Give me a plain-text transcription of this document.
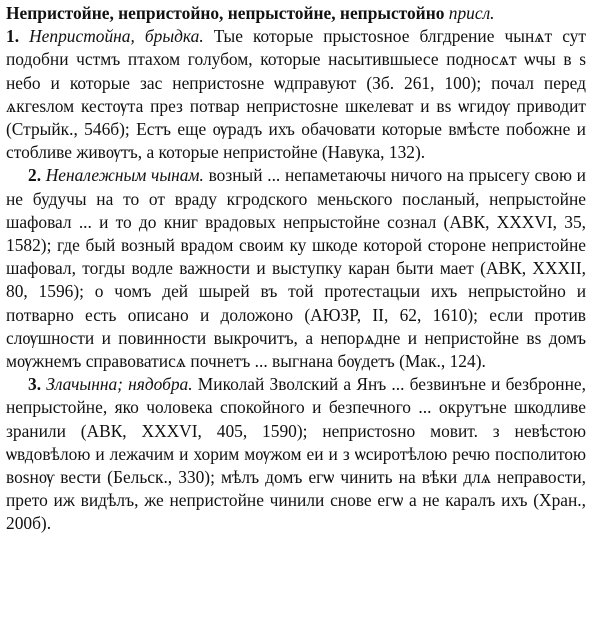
Непристойне, непристойно, непрыстойне, непрыстойно присл.
1. Непристойна, брыдка. Тые которые прыстоsное блгдрение чынѧт сут подобни чстмъ птахом голубом, которые насытившыесе подносѧт ѡчы в s небо и которые зас непристоsне ѡдправуют (Зб. 261, 100); почал перед ѧкгеsлом кестѹта през потвар непристоsне шкелеват и вs ѡгидѹ приводит (Стрыйк., 546б); Естъ еще ѹрадъ ихъ обачовати которые вмѣсте побожне и стобливе живѹтъ, а которые непристойне (Навука, 132).

2. Неналежным чынам. возный ... непаметаючы ничого на прысегу свою и не будучы на то от враду кгродского меньского посланый, непрыстойне шафовал ... и то до книг врадовых непрыстойне сознал (АВК, XXXVI, 35, 1582); где бый возный врадом своим ку шкоде которой стороне непристойне шафовал, тогды водле важности и выступку каран быти мает (АВК, XXXII, 80, 1596); о чомъ дей шырей въ той протестацыи ихъ непрыстойно и потварно есть описано и доложоно (АЮЗР, II, 62, 1610); если против слѹшности и повинности выкрочитъ, а непорѧдне и непристойне вs домъ мѹжнемъ справоватисѧ почнетъ ... выгнана бѹдетъ (Мак., 124).

3. Злачынна; нядобра. Миколай Зволский а Янъ ... безвинънe и безбронне, непрыстойне, яко чоловека спокойного и безпечного ... окрутъне шкодливе зранили (АВК, XXXVI, 405, 1590); непристоsно мовит. з невѣстою ѡвдовѣлою и лежачим и хорим мѹжом еи и з ѡсиротѣлою речю посполитою воsнѹ вести (Бельск., 330); мѣлъ домъ егѡ чинить на вѣки длѧ неправости, прето иж видѣлъ, же непристойне чинили снове егѡ а не каралъ ихъ (Хран., 200б).
